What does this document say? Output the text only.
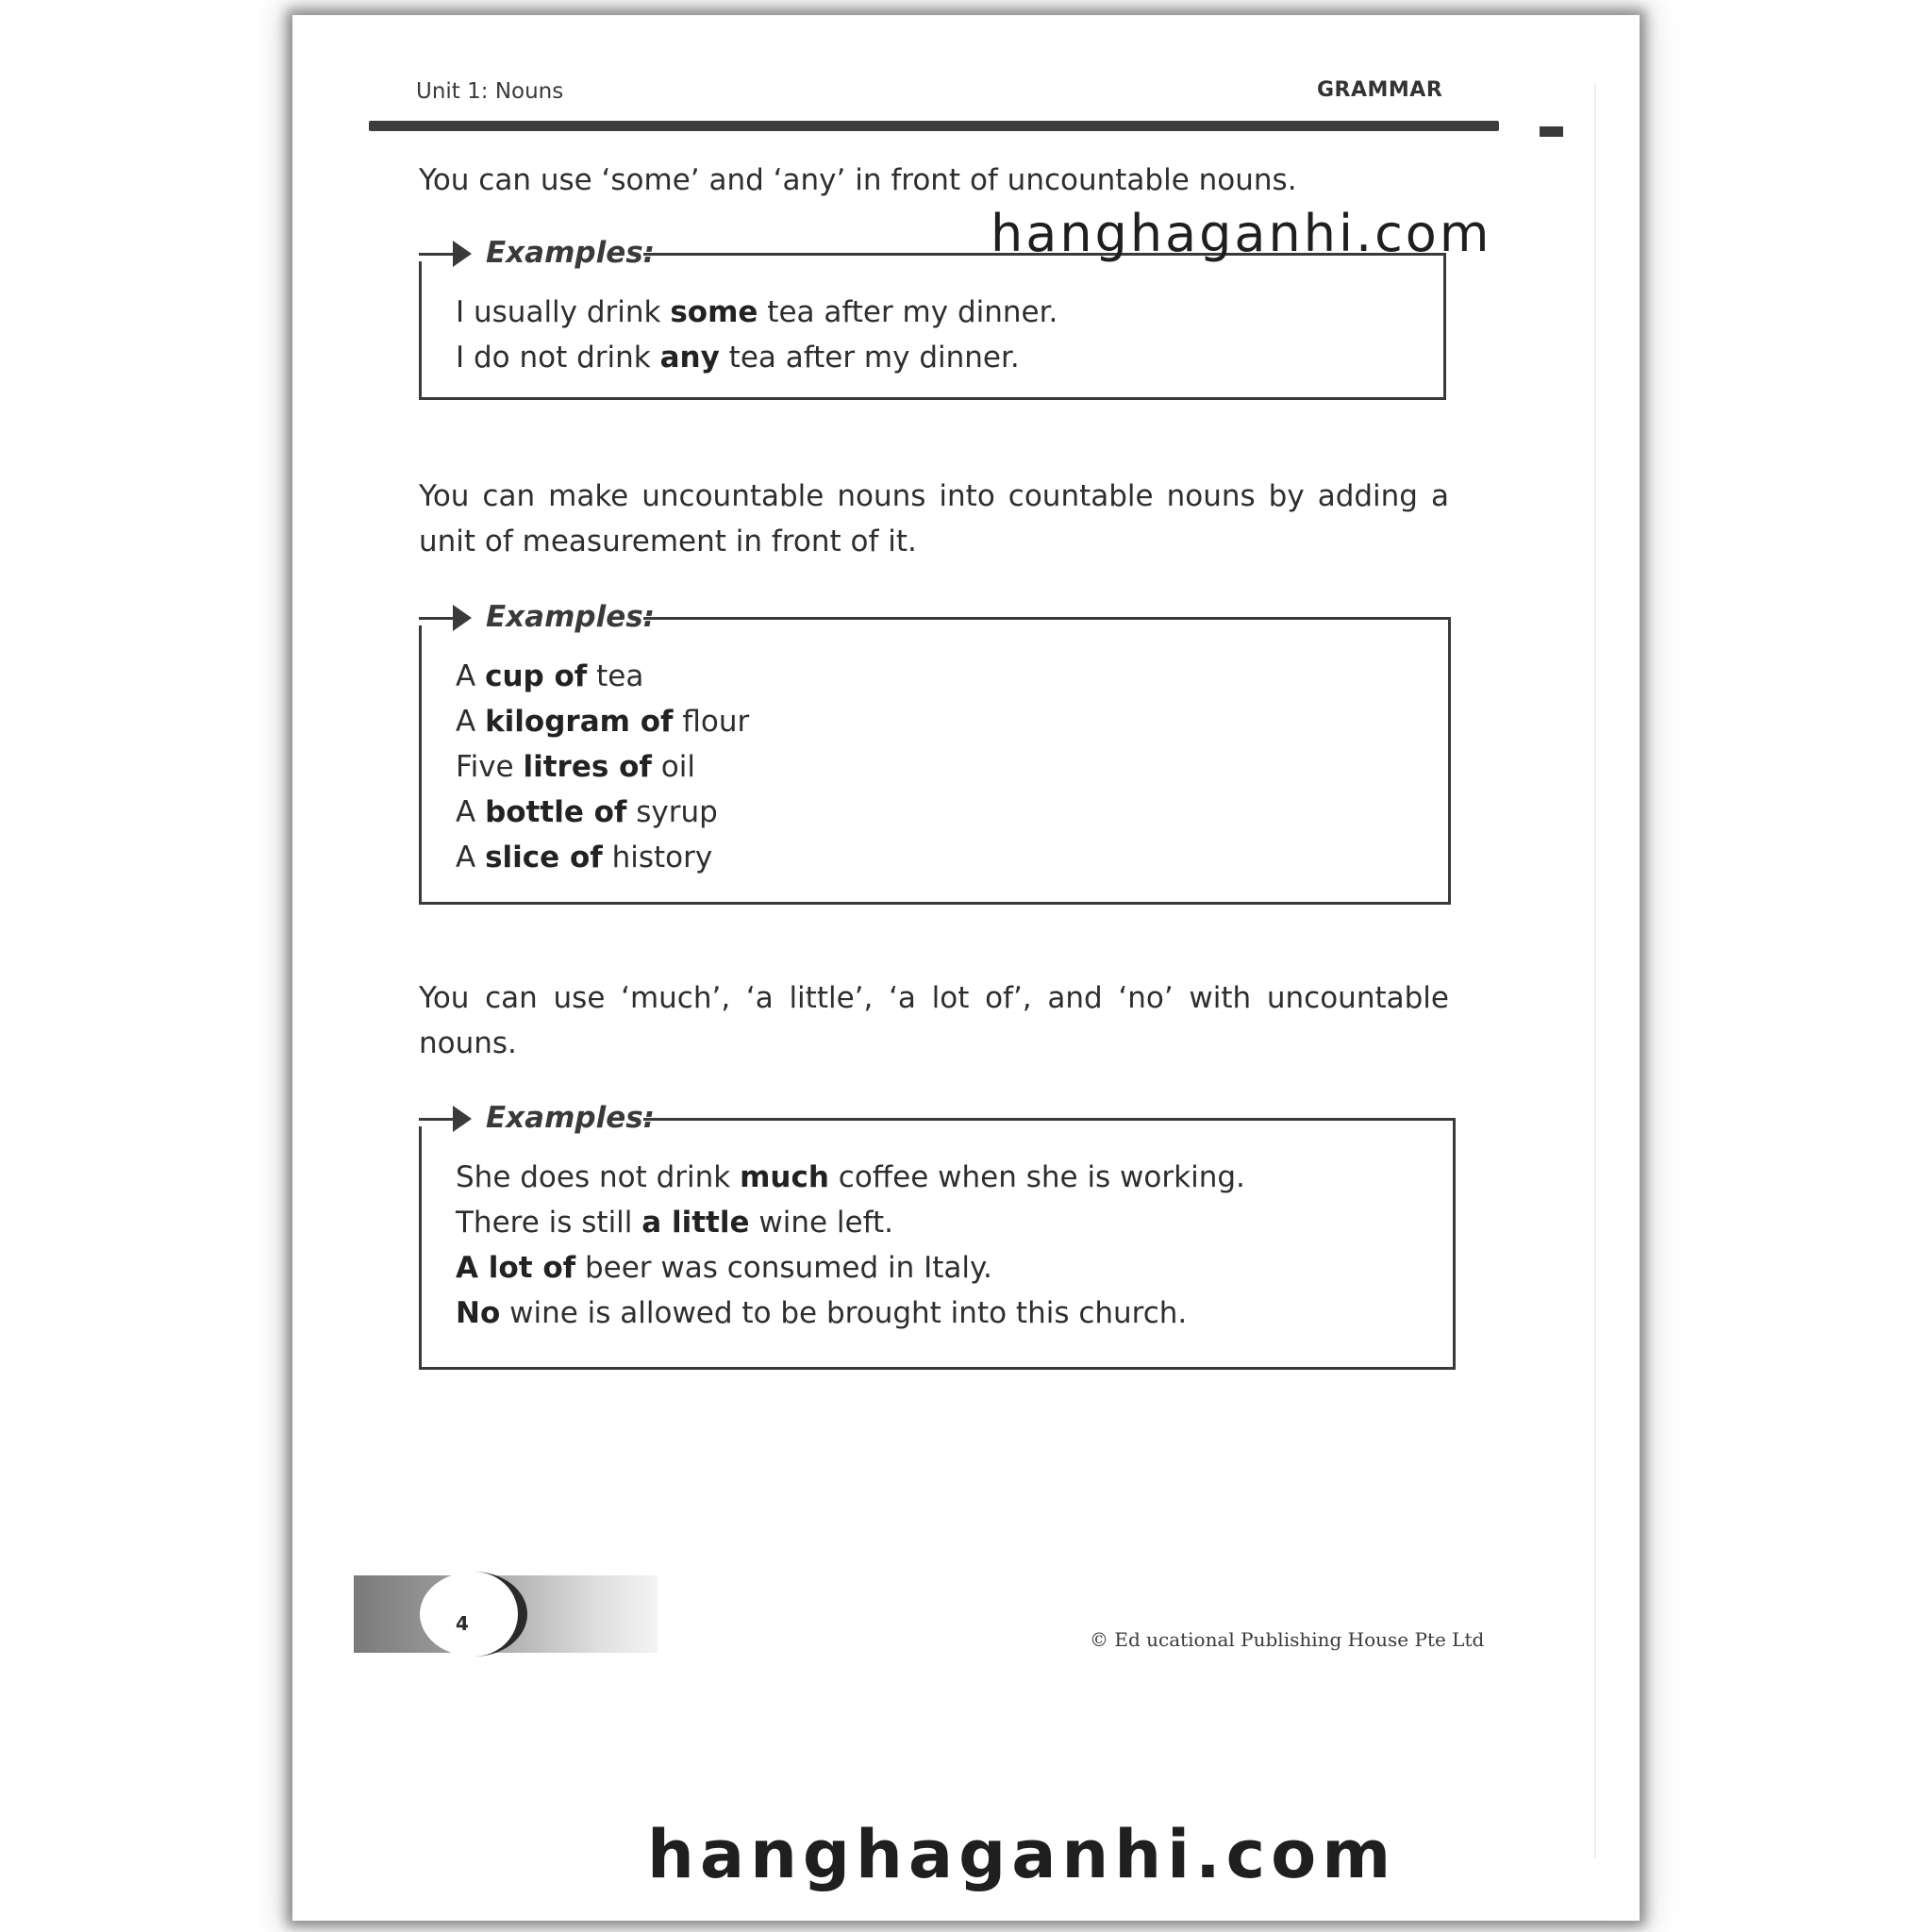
Unit 1: Nouns	GRAMMAR
You can use ‘some’ and ‘any’ in front of uncountable nouns.
Examples:
I usually drink some tea after my dinner.
I do not drink any tea after my dinner.
You can make uncountable nouns into countable nouns by adding a unit of measurement in front of it.
Examples:
A cup of tea
A kilogram of flour
Five litres of oil
A bottle of syrup
A slice of history
You can use ‘much’, ‘a little’, ‘a lot of’, and ‘no’ with uncountable nouns.
Examples:
She does not drink much coffee when she is working.
There is still a little wine left.
A lot of beer was consumed in Italy.
No wine is allowed to be brought into this church.
4
© Ed ucational Publishing House Pte Ltd
hanghaganhi.com
hanghaganhi.com
